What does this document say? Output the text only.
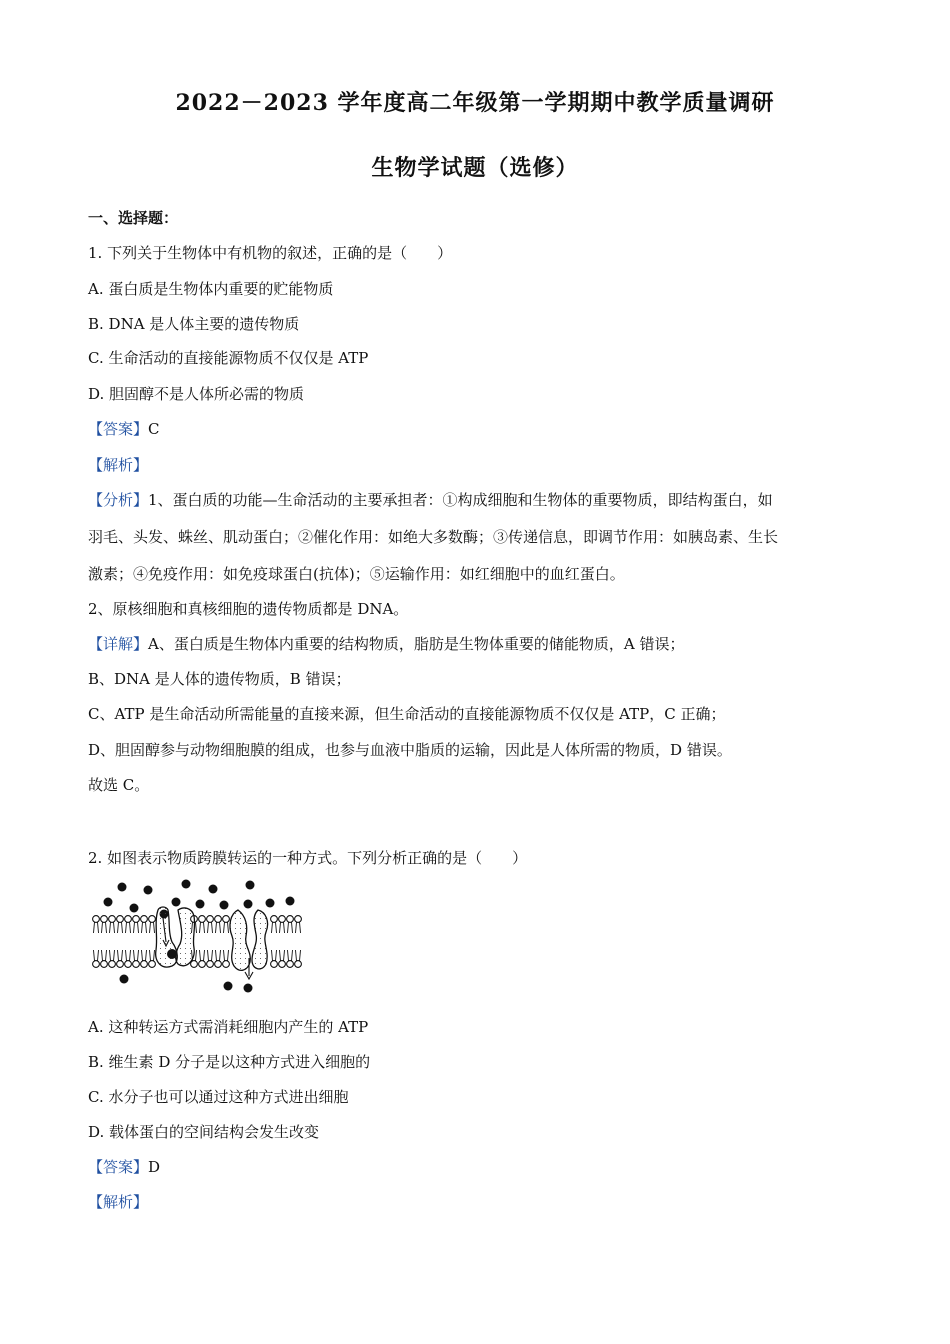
2022－2023 学年度高二年级第一学期期中教学质量调研
生物学试题（选修）
一、选择题：
1. 下列关于生物体中有机物的叙述，正确的是（　　）
A. 蛋白质是生物体内重要的贮能物质
B. DNA 是人体主要的遗传物质
C. 生命活动的直接能源物质不仅仅是 ATP
D. 胆固醇不是人体所必需的物质
【答案】C
【解析】
【分析】1、蛋白质的功能—生命活动的主要承担者：①构成细胞和生物体的重要物质，即结构蛋白，如
羽毛、头发、蛛丝、肌动蛋白；②催化作用：如绝大多数酶；③传递信息，即调节作用：如胰岛素、生长
激素；④免疫作用：如免疫球蛋白(抗体)；⑤运输作用：如红细胞中的血红蛋白。
2、原核细胞和真核细胞的遗传物质都是 DNA。
【详解】A、蛋白质是生物体内重要的结构物质，脂肪是生物体重要的储能物质，A 错误；
B、DNA 是人体的遗传物质，B 错误；
C、ATP 是生命活动所需能量的直接来源，但生命活动的直接能源物质不仅仅是 ATP，C 正确；
D、胆固醇参与动物细胞膜的组成，也参与血液中脂质的运输，因此是人体所需的物质，D 错误。
故选 C。
2. 如图表示物质跨膜转运的一种方式。下列分析正确的是（　　）
A. 这种转运方式需消耗细胞内产生的 ATP
B. 维生素 D 分子是以这种方式进入细胞的
C. 水分子也可以通过这种方式进出细胞
D. 载体蛋白的空间结构会发生改变
【答案】D
【解析】
